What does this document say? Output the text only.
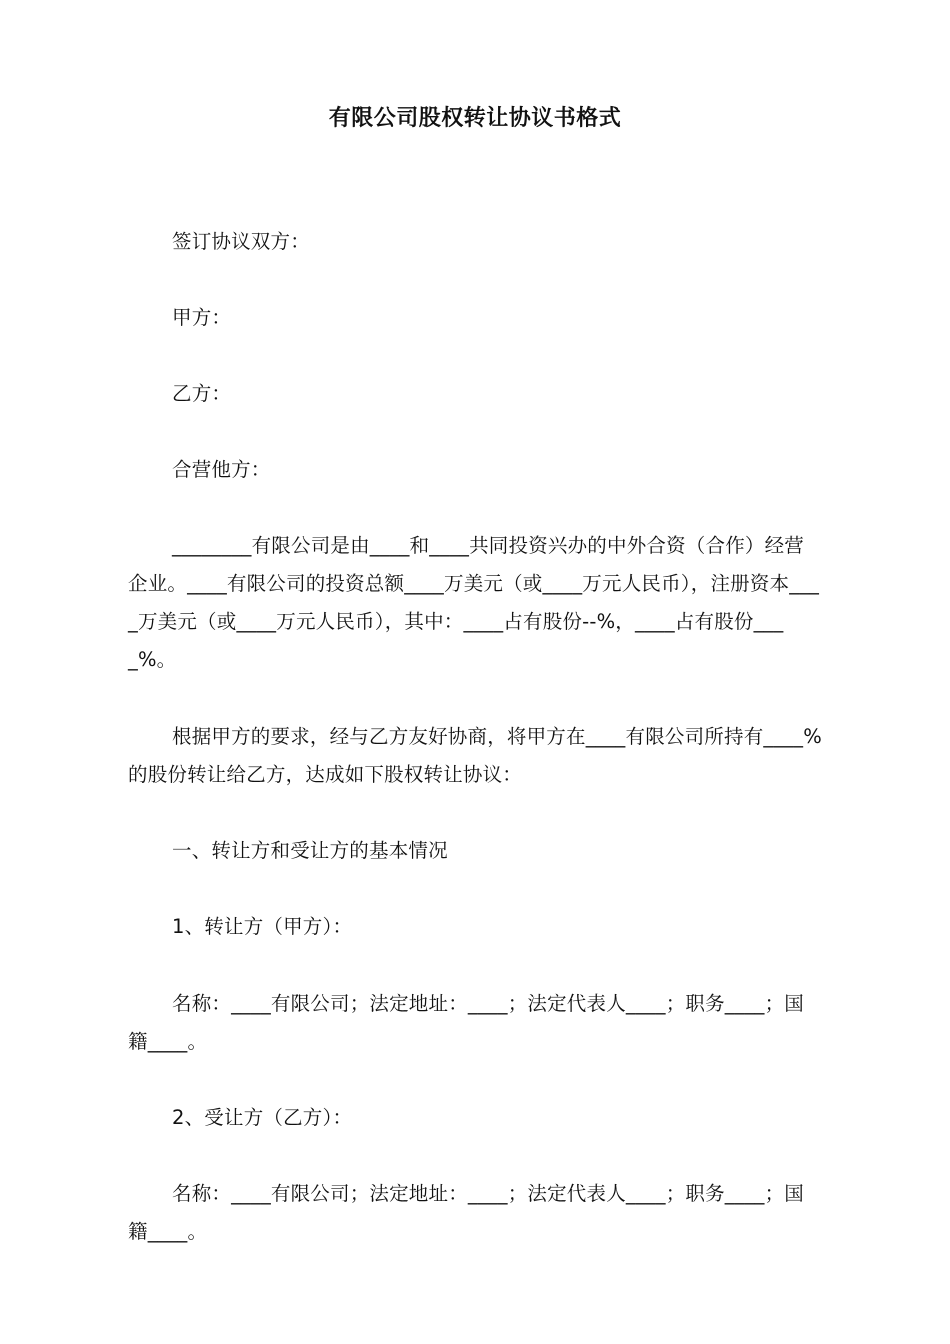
有限公司股权转让协议书格式

签订协议双方：

甲方：

乙方：

合营他方：

________有限公司是由____和____共同投资兴办的中外合资（合作）经营企业。____有限公司的投资总额____万美元（或____万元人民币），注册资本____万美元（或____万元人民币），其中：____占有股份--%，____占有股份____%。

根据甲方的要求，经与乙方友好协商，将甲方在____有限公司所持有____%的股份转让给乙方，达成如下股权转让协议：

一、转让方和受让方的基本情况

1、转让方（甲方）：

名称：____有限公司；法定地址：____；法定代表人____；职务____；国籍____。

2、受让方（乙方）：

名称：____有限公司；法定地址：____；法定代表人____；职务____；国籍____。
